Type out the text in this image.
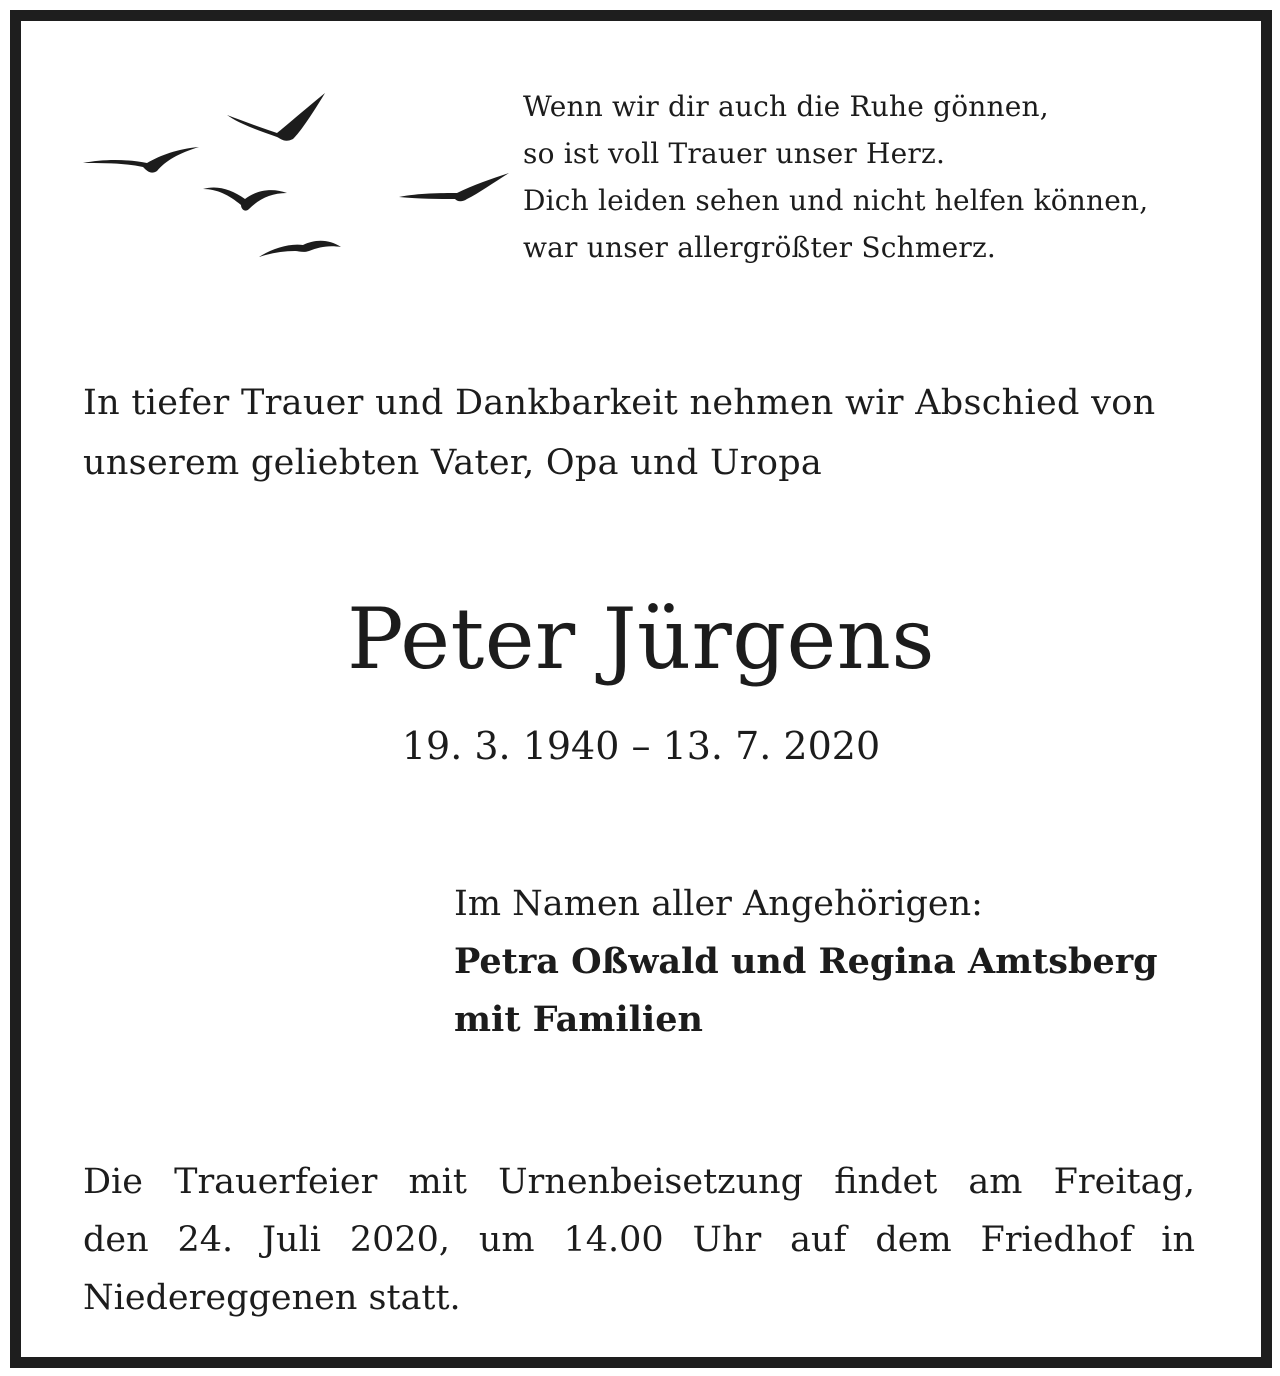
Wenn wir dir auch die Ruhe gönnen,
so ist voll Trauer unser Herz.
Dich leiden sehen und nicht helfen können,
war unser allergrößter Schmerz.
In tiefer Trauer und Dankbarkeit nehmen wir Abschied von
unserem geliebten Vater, Opa und Uropa
Peter Jürgens
19. 3. 1940 – 13. 7. 2020
Im Namen aller Angehörigen:
Petra Oßwald und Regina Amtsberg
mit Familien
Die Trauerfeier mit Urnenbeisetzung findet am Freitag,
den 24. Juli 2020, um 14.00 Uhr auf dem Friedhof in
Niedereggenen statt.
